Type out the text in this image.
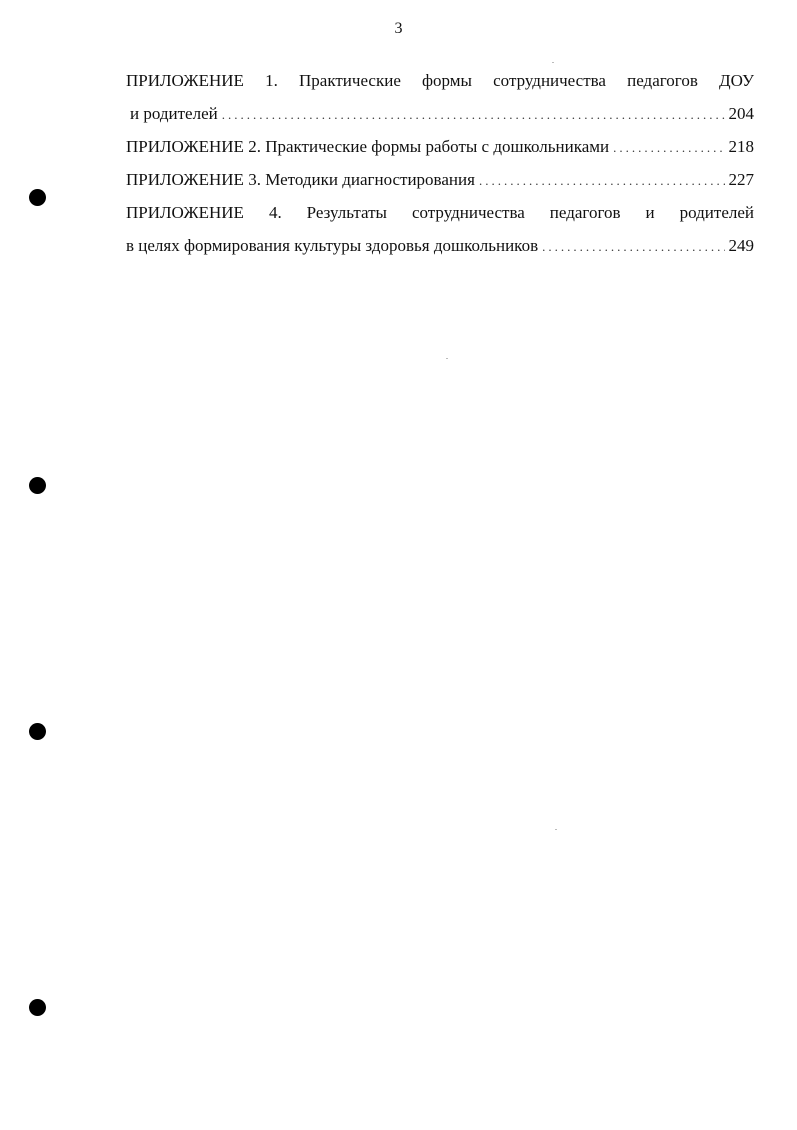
3
ПРИЛОЖЕНИЕ 1. Практические формы сотрудничества педагогов ДОУ
и родителей .....	204
ПРИЛОЖЕНИЕ 2. Практические формы работы с дошкольниками .....	218
ПРИЛОЖЕНИЕ 3. Методики диагностирования .....	227
ПРИЛОЖЕНИЕ 4. Результаты сотрудничества педагогов и родителей
в целях формирования культуры здоровья дошкольников .....	249
